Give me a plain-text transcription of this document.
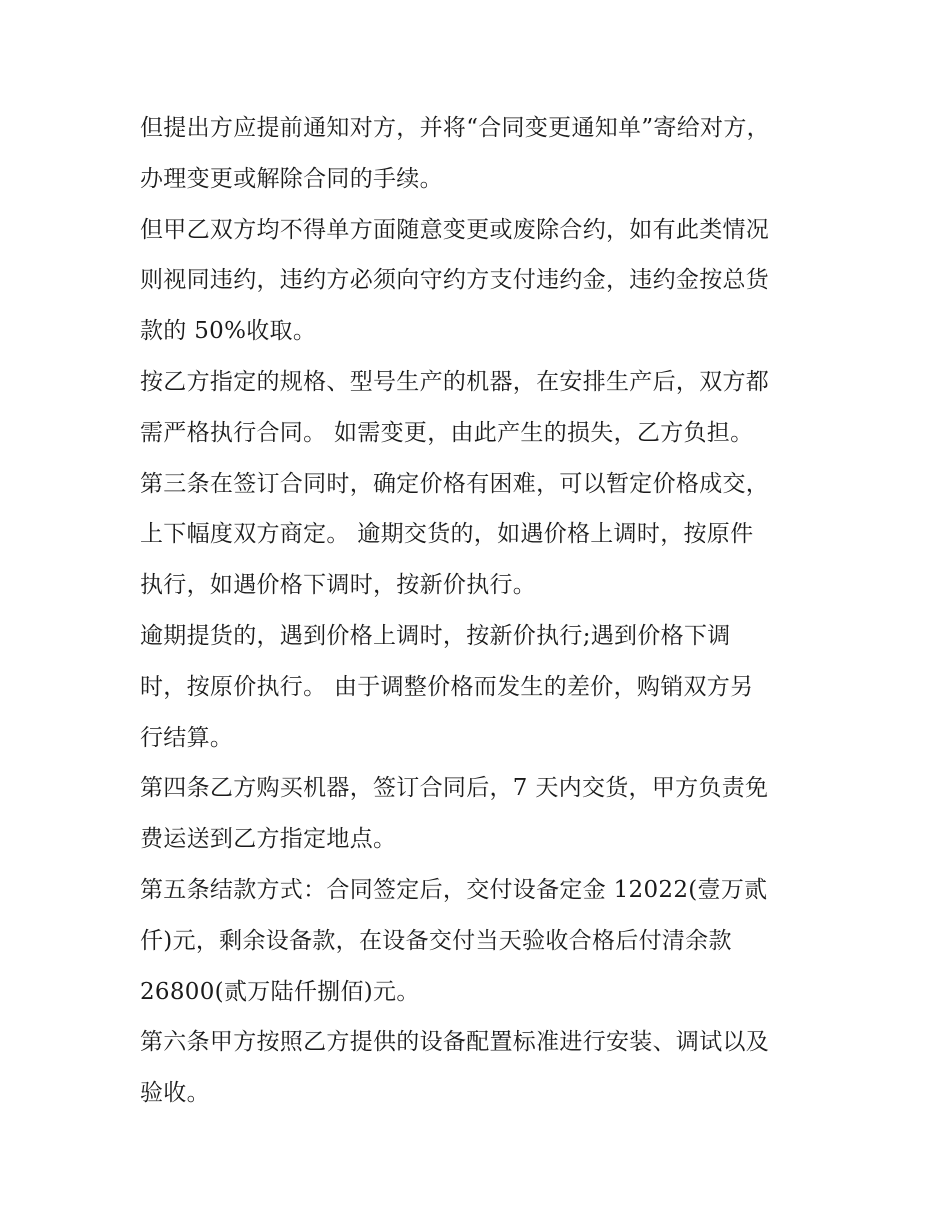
但提出方应提前通知对方，并将“合同变更通知单”寄给对方，
办理变更或解除合同的手续。
但甲乙双方均不得单方面随意变更或废除合约，如有此类情况
则视同违约，违约方必须向守约方支付违约金，违约金按总货
款的 50%收取。
按乙方指定的规格、型号生产的机器，在安排生产后，双方都
需严格执行合同。 如需变更，由此产生的损失，乙方负担。
第三条在签订合同时，确定价格有困难，可以暂定价格成交，
上下幅度双方商定。 逾期交货的，如遇价格上调时，按原件
执行，如遇价格下调时，按新价执行。
逾期提货的，遇到价格上调时，按新价执行;遇到价格下调
时，按原价执行。 由于调整价格而发生的差价，购销双方另
行结算。
第四条乙方购买机器，签订合同后，7 天内交货，甲方负责免
费运送到乙方指定地点。
第五条结款方式：合同签定后，交付设备定金 12022(壹万贰
仟)元，剩余设备款，在设备交付当天验收合格后付清余款
26800(贰万陆仟捌佰)元。
第六条甲方按照乙方提供的设备配置标准进行安装、调试以及
验收。
